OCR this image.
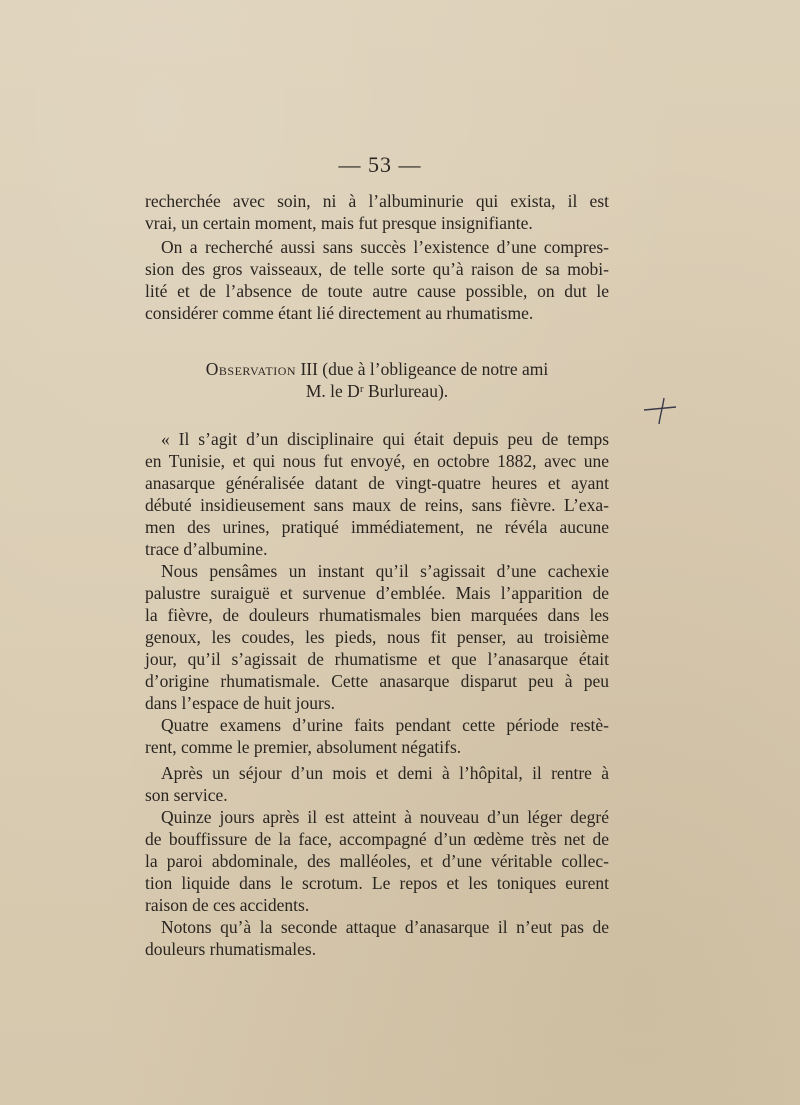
— 53 —
recherchée avec soin, ni à l’albuminurie qui exista, il est
vrai, un certain moment, mais fut presque insignifiante.
On a recherché aussi sans succès l’existence d’une compres-
sion des gros vaisseaux, de telle sorte qu’à raison de sa mobi-
lité et de l’absence de toute autre cause possible, on dut le
considérer comme étant lié directement au rhumatisme.
Observation III (due à l’obligeance de notre ami
M. le Dʳ Burlureau).
« Il s’agit d’un disciplinaire qui était depuis peu de temps
en Tunisie, et qui nous fut envoyé, en octobre 1882, avec une
anasarque généralisée datant de vingt-quatre heures et ayant
débuté insidieusement sans maux de reins, sans fièvre. L’exa-
men des urines, pratiqué immédiatement, ne révéla aucune
trace d’albumine.
Nous pensâmes un instant qu’il s’agissait d’une cachexie
palustre suraiguë et survenue d’emblée. Mais l’apparition de
la fièvre, de douleurs rhumatismales bien marquées dans les
genoux, les coudes, les pieds, nous fit penser, au troisième
jour, qu’il s’agissait de rhumatisme et que l’anasarque était
d’origine rhumatismale. Cette anasarque disparut peu à peu
dans l’espace de huit jours.
Quatre examens d’urine faits pendant cette période restè-
rent, comme le premier, absolument négatifs.
Après un séjour d’un mois et demi à l’hôpital, il rentre à
son service.
Quinze jours après il est atteint à nouveau d’un léger degré
de bouffissure de la face, accompagné d’un œdème très net de
la paroi abdominale, des malléoles, et d’une véritable collec-
tion liquide dans le scrotum. Le repos et les toniques eurent
raison de ces accidents.
Notons qu’à la seconde attaque d’anasarque il n’eut pas de
douleurs rhumatismales.
